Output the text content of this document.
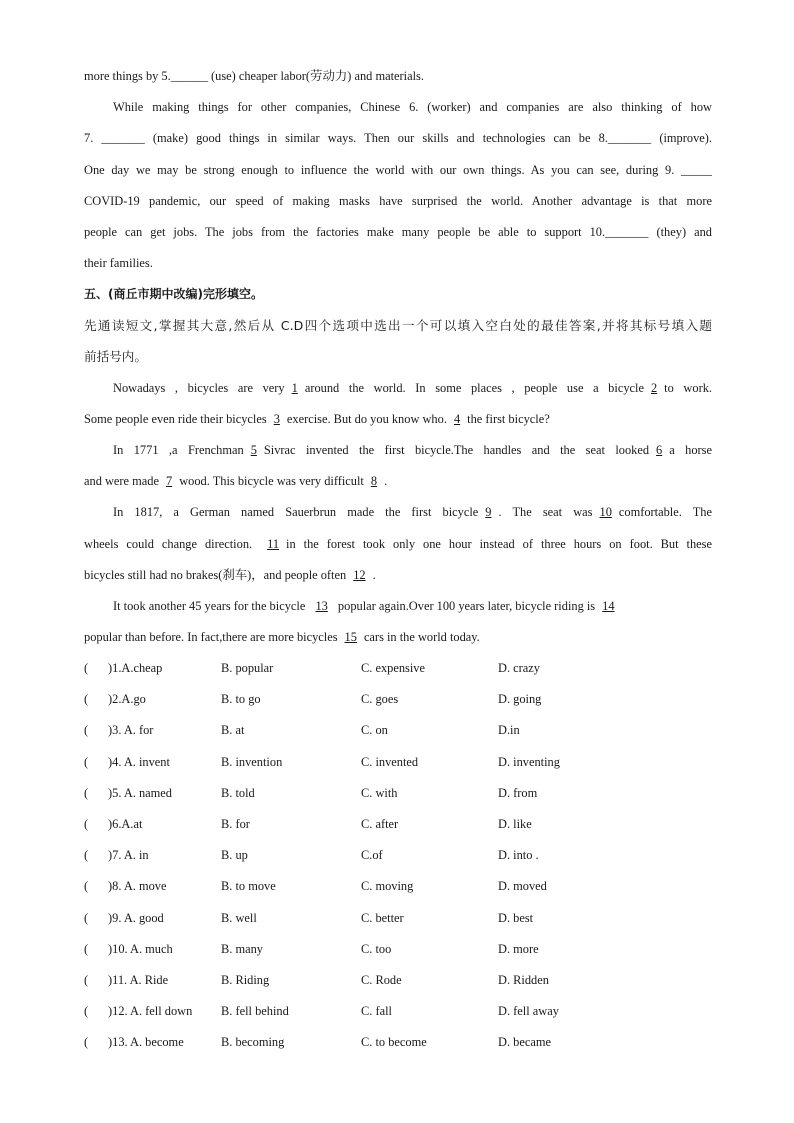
more things by 5.______ (use) cheaper labor(劳动力) and materials.
While making things for other companies, Chinese 6. (worker) and companies are also thinking of how
7. _______ (make) good things in similar ways. Then our skills and technologies can be 8._______ (improve).
One day we may be strong enough to influence the world with our own things. As you can see, during 9. _____
COVID-19 pandemic, our speed of making masks have surprised the world. Another advantage is that more
people can get jobs. The jobs from the factories make many people be able to support 10._______ (they) and
their families.
五、(商丘市期中改编)完形填空。
先通读短文,掌握其大意,然后从 C.D四个选项中选出一个可以填入空白处的最佳答案,并将其标号填入题
前括号内。
Nowadays , bicycles are very 1 around the world. In some places , people use a bicycle 2 to work.
Some people even ride their bicycles 3 exercise. But do you know who. 4 the first bicycle?
In 1771 ,a Frenchman 5 Sivrac invented the first bicycle.The handles and the seat looked 6 a horse
and were made 7 wood. This bicycle was very difficult 8 .
In 1817, a German named Sauerbrun made the first bicycle 9 . The seat was 10 comfortable. The
wheels could change direction. 11 in the forest took only one hour instead of three hours on foot. But these
bicycles still had no brakes(刹车)，and people often 12 .
It took another 45 years for the bicycle 13 popular again.Over 100 years later, bicycle riding is 14
popular than before. In fact,there are more bicycles 15 cars in the world today.
( )1.A.cheap	B. popular	C. expensive	D. crazy
( )2.A.go	B. to go	C. goes	D. going
( )3. A. for	B. at	C. on	D.in
( )4. A. invent	B. invention	C. invented	D. inventing
( )5. A. named	B. told	C. with	D. from
( )6.A.at	B. for	C. after	D. like
( )7. A. in	B. up	C.of	D. into .
( )8. A. move	B. to move	C. moving	D. moved
( )9. A. good	B. well	C. better	D. best
( )10. A. much	B. many	C. too	D. more
( )11. A. Ride	B. Riding	C. Rode	D. Ridden
( )12. A. fell down B. fell behind	C. fall	D. fell away
( )13. A. become	B. becoming	C. to become	D. became
